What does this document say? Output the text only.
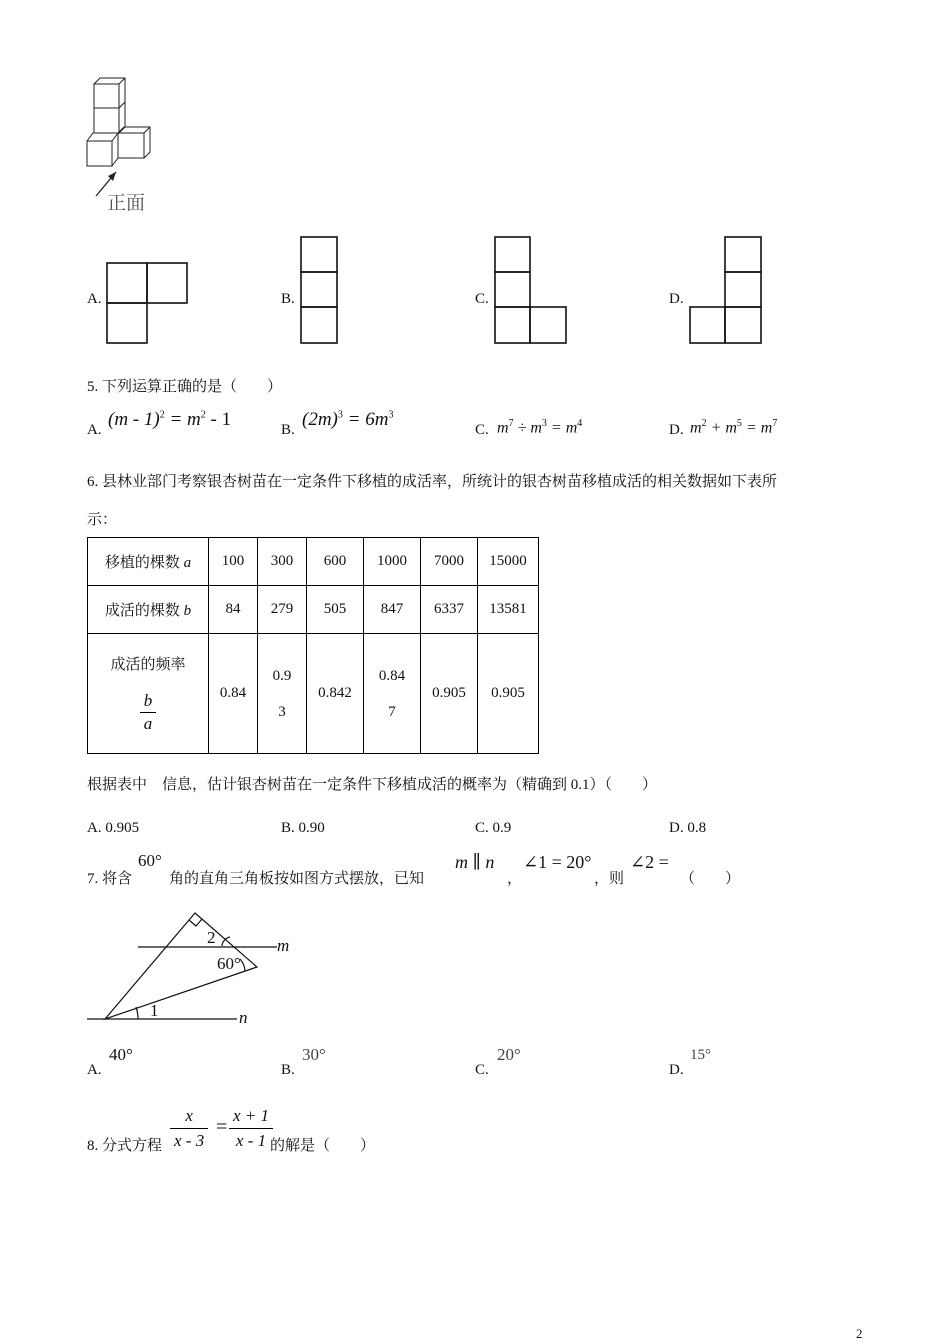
正面
A.	B.	C.	D.
5. 下列运算正确的是（　　）
A. $(m - 1)^2 = m^2 - 1$	B. $(2m)^3 = 6m^3$
C. $m^7 \div m^3 = m^4$	D. $m^2 + m^5 = m^7$
6. 县林业部门考察银杏树苗在一定条件下移植的成活率，所统计的银杏树苗移植成活的相关数据如下表所
示：
移植的棵数 a	100	300	600	1000	7000	15000
成活的棵数 b	84	279	505	847	6337	13581

成活的频率
$\frac{b}{a}$	0.84	0.93	0.842	0.847	0.905	0.905
根据表中　信息，估计银杏树苗在一定条件下移植成活的概率为（精确到 0.1）（　　）
A. 0.905	B. 0.90	C. 0.9	D. 0.8
7. 将含
60°
角的直角三角板按如图方式摆放，已知
m ∥ n
，
∠1 = 20°
，则
∠2 =
（　　）
2
60°
1
m
n
A.
40°
B.
30°
C.
20°
D.
15°
8. 分式方程 $\frac{x}{x - 3} = \frac{x + 1}{x - 1}$
的解是（　　）
2
